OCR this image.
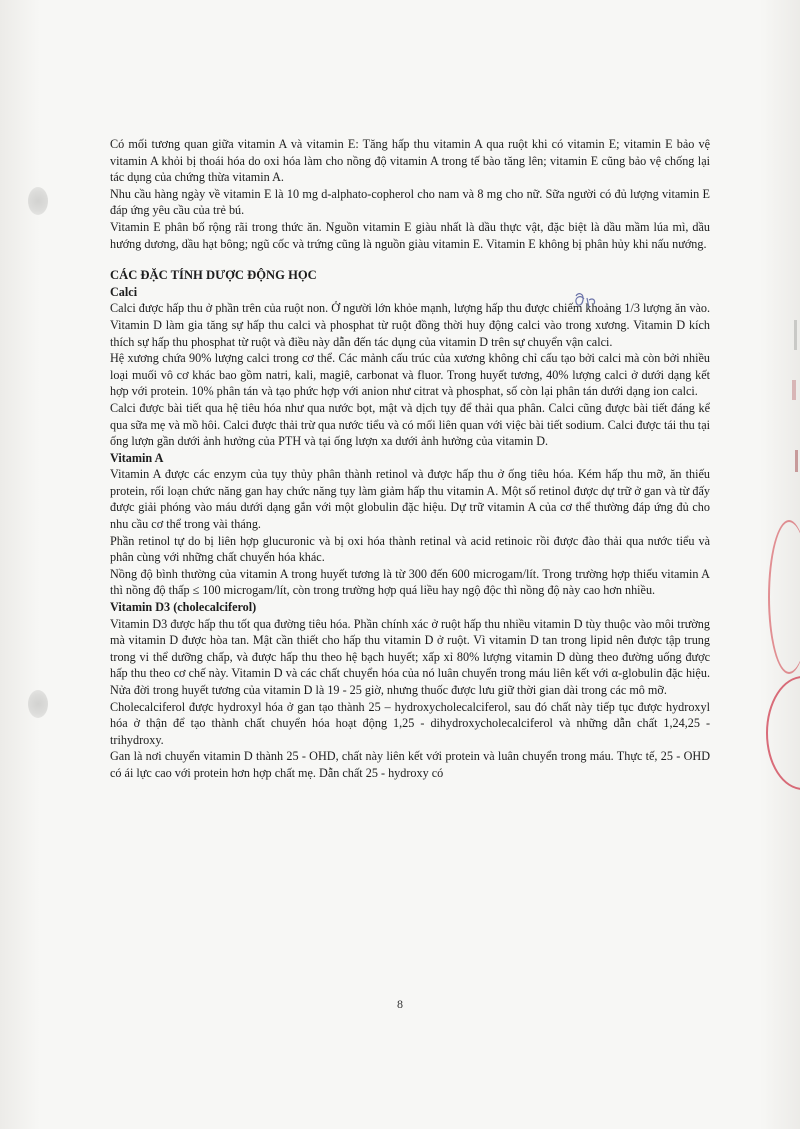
Có mối tương quan giữa vitamin A và vitamin E: Tăng hấp thu vitamin A qua ruột khi có vitamin E; vitamin E bảo vệ vitamin A khỏi bị thoái hóa do oxi hóa làm cho nồng độ vitamin A trong tế bào tăng lên; vitamin E cũng bảo vệ chống lại tác dụng của chứng thừa vitamin A.

Nhu cầu hàng ngày về vitamin E là 10 mg d-alphato-copherol cho nam và 8 mg cho nữ. Sữa người có đủ lượng vitamin E đáp ứng yêu cầu của trẻ bú.

Vitamin E phân bố rộng rãi trong thức ăn. Nguồn vitamin E giàu nhất là dầu thực vật, đặc biệt là dầu mầm lúa mì, dầu hướng dương, dầu hạt bông; ngũ cốc và trứng cũng là nguồn giàu vitamin E. Vitamin E không bị phân hủy khi nấu nướng.

CÁC ĐẶC TÍNH DƯỢC ĐỘNG HỌC

Calci

Calci được hấp thu ở phần trên của ruột non. Ở người lớn khỏe mạnh, lượng hấp thu được chiếm khoảng 1/3 lượng ăn vào. Vitamin D làm gia tăng sự hấp thu calci và phosphat từ ruột đồng thời huy động calci vào trong xương. Vitamin D kích thích sự hấp thu phosphat từ ruột và điều này dẫn đến tác dụng của vitamin D trên sự chuyển vận calci.

Hệ xương chứa 90% lượng calci trong cơ thể. Các mảnh cấu trúc của xương không chỉ cấu tạo bởi calci mà còn bởi nhiều loại muối vô cơ khác bao gồm natri, kali, magiê, carbonat và fluor. Trong huyết tương, 40% lượng calci ở dưới dạng kết hợp với protein. 10% phân tán và tạo phức hợp với anion như citrat và phosphat, số còn lại phân tán dưới dạng ion calci.

Calci được bài tiết qua hệ tiêu hóa như qua nước bọt, mật và dịch tụy để thải qua phân. Calci cũng được bài tiết đáng kể qua sữa mẹ và mồ hôi. Calci được thải trừ qua nước tiểu và có mối liên quan với việc bài tiết sodium. Calci được tái thu tại ống lượn gần dưới ảnh hưởng của PTH và tại ống lượn xa dưới ảnh hưởng của vitamin D.

Vitamin A

Vitamin A được các enzym của tụy thủy phân thành retinol và được hấp thu ở ống tiêu hóa. Kém hấp thu mỡ, ăn thiếu protein, rối loạn chức năng gan hay chức năng tụy làm giảm hấp thu vitamin A. Một số retinol được dự trữ ở gan và từ đấy được giải phóng vào máu dưới dạng gắn với một globulin đặc hiệu. Dự trữ vitamin A của cơ thể thường đáp ứng đủ cho nhu cầu cơ thể trong vài tháng.

Phần retinol tự do bị liên hợp glucuronic và bị oxi hóa thành retinal và acid retinoic rồi được đào thải qua nước tiểu và phân cùng với những chất chuyển hóa khác.

Nồng độ bình thường của vitamin A trong huyết tương là từ 300 đến 600 microgam/lít. Trong trường hợp thiếu vitamin A thì nồng độ thấp ≤ 100 microgam/lít, còn trong trường hợp quá liều hay ngộ độc thì nồng độ này cao hơn nhiều.

Vitamin D3 (cholecalciferol)

Vitamin D3 được hấp thu tốt qua đường tiêu hóa. Phần chính xác ở ruột hấp thu nhiều vitamin D tùy thuộc vào môi trường mà vitamin D được hòa tan. Mật cần thiết cho hấp thu vitamin D ở ruột. Vì vitamin D tan trong lipid nên được tập trung trong vi thể dưỡng chấp, và được hấp thu theo hệ bạch huyết; xấp xỉ 80% lượng vitamin D dùng theo đường uống được hấp thu theo cơ chế này. Vitamin D và các chất chuyển hóa của nó luân chuyển trong máu liên kết với α-globulin đặc hiệu. Nửa đời trong huyết tương của vitamin D là 19 - 25 giờ, nhưng thuốc được lưu giữ thời gian dài trong các mô mỡ.

Cholecalciferol được hydroxyl hóa ở gan tạo thành 25 – hydroxycholecalciferol, sau đó chất này tiếp tục được hydroxyl hóa ở thận để tạo thành chất chuyển hóa hoạt động 1,25 - dihydroxycholecalciferol và những dẫn chất 1,24,25 - trihydroxy.

Gan là nơi chuyển vitamin D thành 25 - OHD, chất này liên kết với protein và luân chuyển trong máu. Thực tế, 25 - OHD có ái lực cao với protein hơn hợp chất mẹ. Dẫn chất 25 - hydroxy có

8
